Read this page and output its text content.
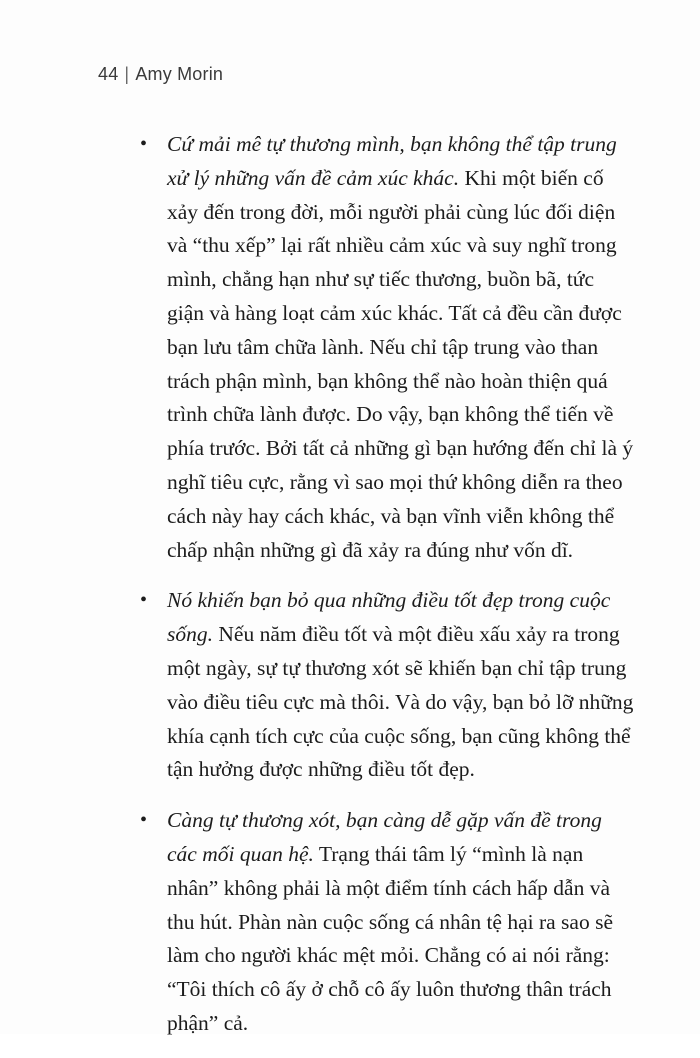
44 | Amy Morin
• Cứ mải mê tự thương mình, bạn không thể tập trung xử lý những vấn đề cảm xúc khác. Khi một biến cố xảy đến trong đời, mỗi người phải cùng lúc đối diện và “thu xếp” lại rất nhiều cảm xúc và suy nghĩ trong mình, chẳng hạn như sự tiếc thương, buồn bã, tức giận và hàng loạt cảm xúc khác. Tất cả đều cần được bạn lưu tâm chữa lành. Nếu chỉ tập trung vào than trách phận mình, bạn không thể nào hoàn thiện quá trình chữa lành được. Do vậy, bạn không thể tiến về phía trước. Bởi tất cả những gì bạn hướng đến chỉ là ý nghĩ tiêu cực, rằng vì sao mọi thứ không diễn ra theo cách này hay cách khác, và bạn vĩnh viễn không thể chấp nhận những gì đã xảy ra đúng như vốn dĩ.
• Nó khiến bạn bỏ qua những điều tốt đẹp trong cuộc sống. Nếu năm điều tốt và một điều xấu xảy ra trong một ngày, sự tự thương xót sẽ khiến bạn chỉ tập trung vào điều tiêu cực mà thôi. Và do vậy, bạn bỏ lỡ những khía cạnh tích cực của cuộc sống, bạn cũng không thể tận hưởng được những điều tốt đẹp.
• Càng tự thương xót, bạn càng dễ gặp vấn đề trong các mối quan hệ. Trạng thái tâm lý “mình là nạn nhân” không phải là một điểm tính cách hấp dẫn và thu hút. Phàn nàn cuộc sống cá nhân tệ hại ra sao sẽ làm cho người khác mệt mỏi. Chẳng có ai nói rằng: “Tôi thích cô ấy ở chỗ cô ấy luôn thương thân trách phận” cả.
